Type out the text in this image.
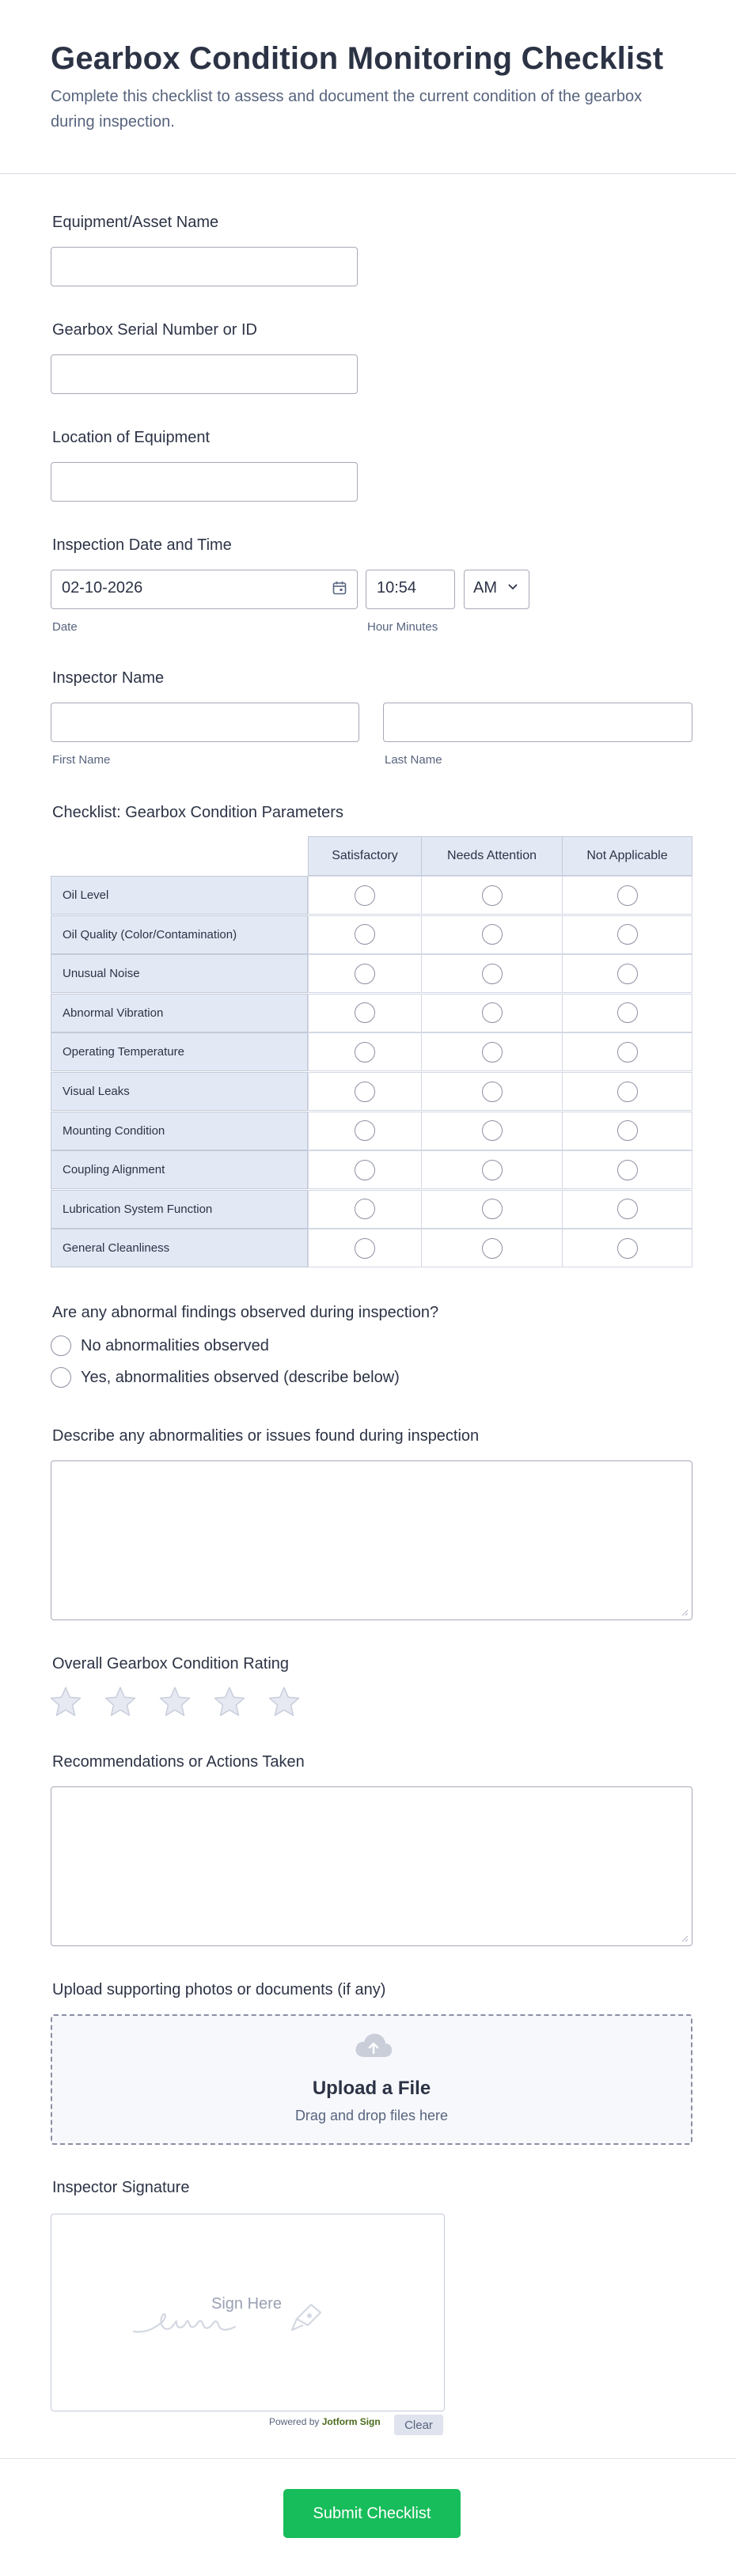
Gearbox Condition Monitoring Checklist
Complete this checklist to assess and document the current condition of the gearbox during inspection.
Equipment/Asset Name
Gearbox Serial Number or ID
Location of Equipment
Inspection Date and Time
02-10-2026	10:54	AM
Date	Hour Minutes
Inspector Name
First Name	Last Name
Checklist: Gearbox Condition Parameters
Satisfactory	Needs Attention	Not Applicable
Oil Level
Oil Quality (Color/Contamination)
Unusual Noise
Abnormal Vibration
Operating Temperature
Visual Leaks
Mounting Condition
Coupling Alignment
Lubrication System Function
General Cleanliness
Are any abnormal findings observed during inspection?
No abnormalities observed
Yes, abnormalities observed (describe below)
Describe any abnormalities or issues found during inspection
Overall Gearbox Condition Rating
Recommendations or Actions Taken
Upload supporting photos or documents (if any)
Upload a File
Drag and drop files here
Inspector Signature
Sign Here
Powered by Jotform Sign	Clear
Submit Checklist
